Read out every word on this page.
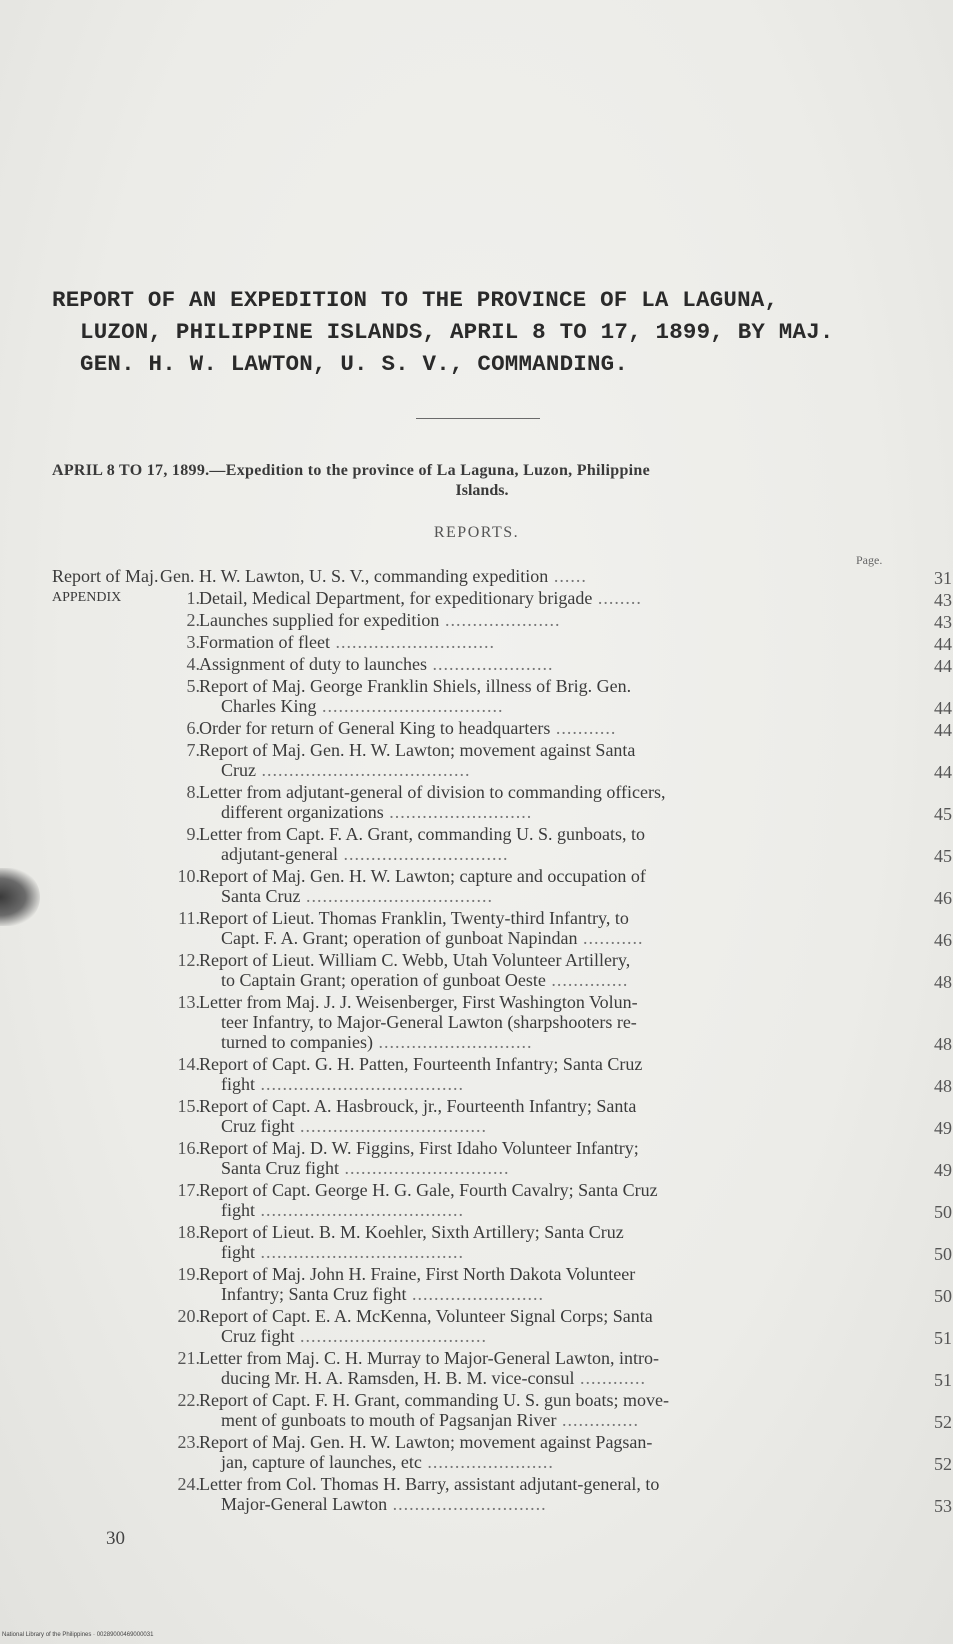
REPORT OF AN EXPEDITION TO THE PROVINCE OF LA LAGUNA,
LUZON, PHILIPPINE ISLANDS, APRIL 8 TO 17, 1899, BY MAJ.
GEN. H. W. LAWTON, U. S. V., COMMANDING.
APRIL 8 TO 17, 1899.—Expedition to the province of La Laguna, Luzon, Philippine
Islands.
REPORTS.
Page.
Report of Maj. Gen. H. W. Lawton, U. S. V., commanding expedition ......	31
APPENDIX	1. Detail, Medical Department, for expeditionary brigade ........	43
2. Launches supplied for expedition .....................	43
3. Formation of fleet .............................	44
4. Assignment of duty to launches ......................	44
5. Report of Maj. George Franklin Shiels, illness of Brig. Gen.
Charles King .................................	44
6. Order for return of General King to headquarters ...........	44
7. Report of Maj. Gen. H. W. Lawton; movement against Santa
Cruz ......................................	44
8. Letter from adjutant-general of division to commanding officers,
different organizations ..........................	45
9. Letter from Capt. F. A. Grant, commanding U. S. gunboats, to
adjutant-general ..............................	45
10. Report of Maj. Gen. H. W. Lawton; capture and occupation of
Santa Cruz ..................................	46
11. Report of Lieut. Thomas Franklin, Twenty-third Infantry, to
Capt. F. A. Grant; operation of gunboat Napindan ...........	46
12. Report of Lieut. William C. Webb, Utah Volunteer Artillery,
to Captain Grant; operation of gunboat Oeste ..............	48
13. Letter from Maj. J. J. Weisenberger, First Washington Volun-
teer Infantry, to Major-General Lawton (sharpshooters re-
turned to companies) ............................	48
14. Report of Capt. G. H. Patten, Fourteenth Infantry; Santa Cruz
fight .....................................	48
15. Report of Capt. A. Hasbrouck, jr., Fourteenth Infantry; Santa
Cruz fight ..................................	49
16. Report of Maj. D. W. Figgins, First Idaho Volunteer Infantry;
Santa Cruz fight ..............................	49
17. Report of Capt. George H. G. Gale, Fourth Cavalry; Santa Cruz
fight .....................................	50
18. Report of Lieut. B. M. Koehler, Sixth Artillery; Santa Cruz
fight .....................................	50
19. Report of Maj. John H. Fraine, First North Dakota Volunteer
Infantry; Santa Cruz fight ........................	50
20. Report of Capt. E. A. McKenna, Volunteer Signal Corps; Santa
Cruz fight ..................................	51
21. Letter from Maj. C. H. Murray to Major-General Lawton, intro-
ducing Mr. H. A. Ramsden, H. B. M. vice-consul ............	51
22. Report of Capt. F. H. Grant, commanding U. S. gun boats; move-
ment of gunboats to mouth of Pagsanjan River ..............	52
23. Report of Maj. Gen. H. W. Lawton; movement against Pagsan-
jan, capture of launches, etc .......................	52
24. Letter from Col. Thomas H. Barry, assistant adjutant-general, to
Major-General Lawton ............................	53
30
National Library of the Philippines · 00289000469000031
